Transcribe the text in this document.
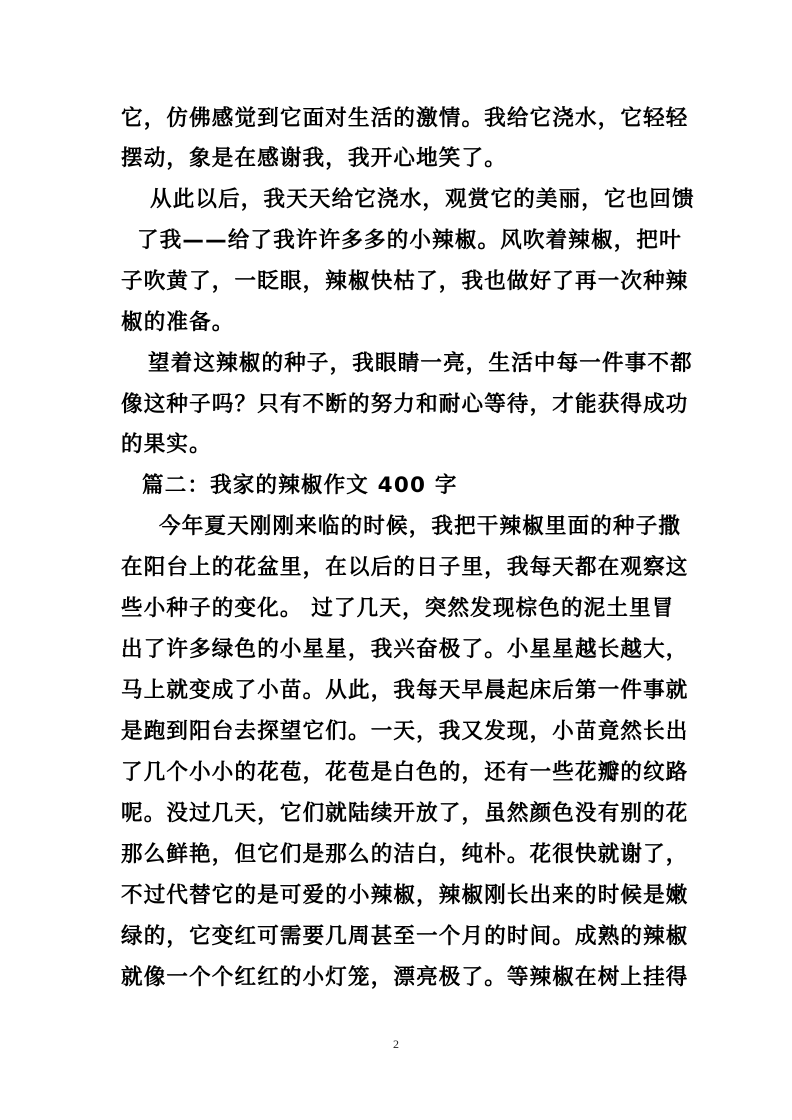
它，仿佛感觉到它面对生活的激情。我给它浇水，它轻轻
摆动，象是在感谢我，我开心地笑了。
从此以后，我天天给它浇水，观赏它的美丽，它也回馈
了我——给了我许许多多的小辣椒。风吹着辣椒，把叶
子吹黄了，一眨眼，辣椒快枯了，我也做好了再一次种辣
椒的准备。
望着这辣椒的种子，我眼睛一亮，生活中每一件事不都
像这种子吗？只有不断的努力和耐心等待，才能获得成功
的果实。
篇二：我家的辣椒作文 400 字
今年夏天刚刚来临的时候，我把干辣椒里面的种子撒
在阳台上的花盆里，在以后的日子里，我每天都在观察这
些小种子的变化。 过了几天，突然发现棕色的泥土里冒
出了许多绿色的小星星，我兴奋极了。小星星越长越大，
马上就变成了小苗。从此，我每天早晨起床后第一件事就
是跑到阳台去探望它们。一天，我又发现，小苗竟然长出
了几个小小的花苞，花苞是白色的，还有一些花瓣的纹路
呢。没过几天，它们就陆续开放了，虽然颜色没有别的花
那么鲜艳，但它们是那么的洁白，纯朴。花很快就谢了，
不过代替它的是可爱的小辣椒，辣椒刚长出来的时候是嫩
绿的，它变红可需要几周甚至一个月的时间。成熟的辣椒
就像一个个红红的小灯笼，漂亮极了。等辣椒在树上挂得
2
